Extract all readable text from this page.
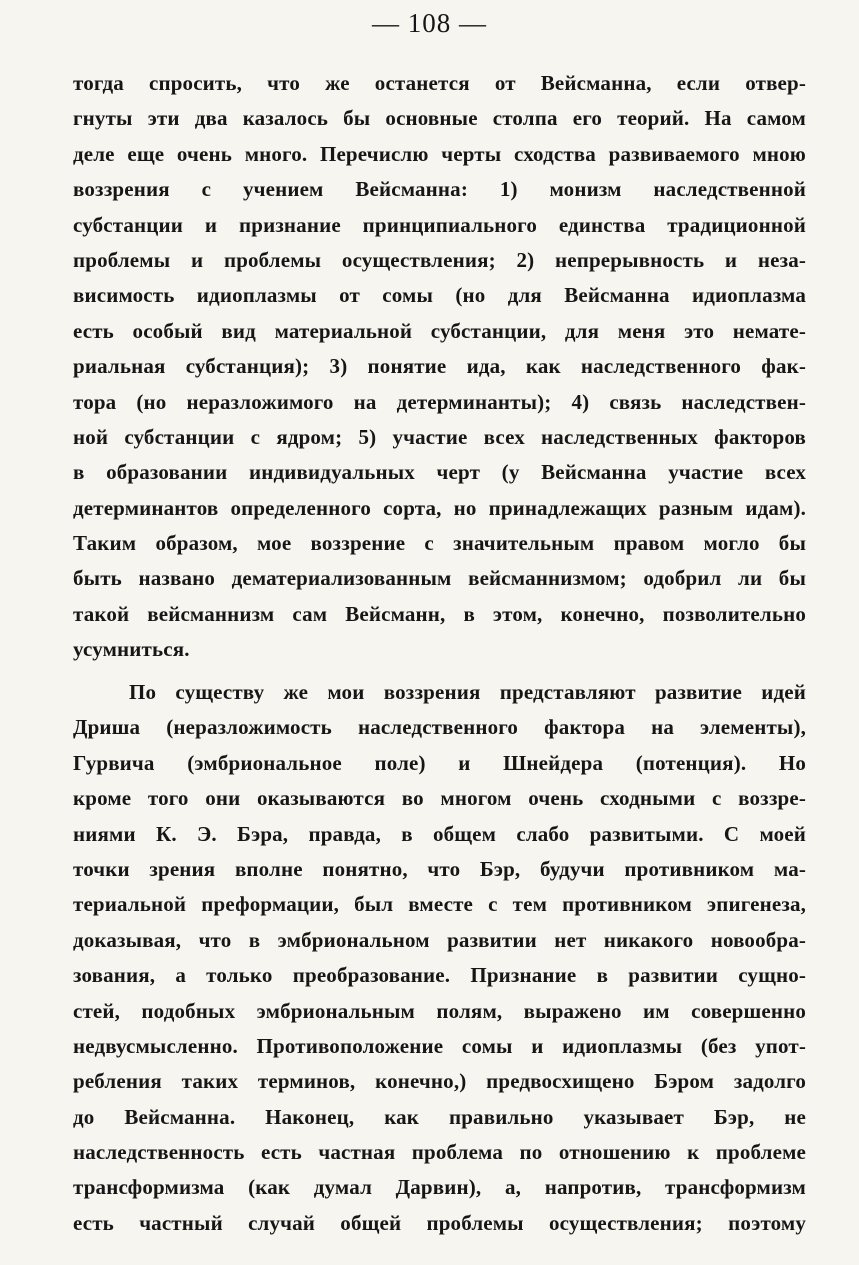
— 108 —
тогда спросить, что же останется от Вейсманна, если отвер-
гнуты эти два казалось бы основные столпа его теорий. На самом
деле еще очень много. Перечислю черты сходства развиваемого мною
воззрения с учением Вейсманна: 1) монизм наследственной
субстанции и признание принципиального единства традиционной
проблемы и проблемы осуществления; 2) непрерывность и неза-
висимость идиоплазмы от сомы (но для Вейсманна идиоплазма
есть особый вид материальной субстанции, для меня это немате-
риальная субстанция); 3) понятие ида, как наследственного фак-
тора (но неразложимого на детерминанты); 4) связь наследствен-
ной субстанции с ядром; 5) участие всех наследственных факторов
в образовании индивидуальных черт (у Вейсманна участие всех
детерминантов определенного сорта, но принадлежащих разным идам).
Таким образом, мое воззрение с значительным правом могло бы
быть названо дематериализованным вейсманнизмом; одобрил ли бы
такой вейсманнизм сам Вейсманн, в этом, конечно, позволительно
усумниться.
По существу же мои воззрения представляют развитие идей
Дриша (неразложимость наследственного фактора на элементы),
Гурвича (эмбриональное поле) и Шнейдера (потенция). Но
кроме того они оказываются во многом очень сходными с воззре-
ниями К. Э. Бэра, правда, в общем слабо развитыми. С моей
точки зрения вполне понятно, что Бэр, будучи противником ма-
териальной преформации, был вместе с тем противником эпигенеза,
доказывая, что в эмбриональном развитии нет никакого новообра-
зования, а только преобразование. Признание в развитии сущно-
стей, подобных эмбриональным полям, выражено им совершенно
недвусмысленно. Противоположение сомы и идиоплазмы (без упот-
ребления таких терминов, конечно,) предвосхищено Бэром задолго
до Вейсманна. Наконец, как правильно указывает Бэр, не
наследственность есть частная проблема по отношению к проблеме
трансформизма (как думал Дарвин), а, напротив, трансформизм
есть частный случай общей проблемы осуществления; поэтому
